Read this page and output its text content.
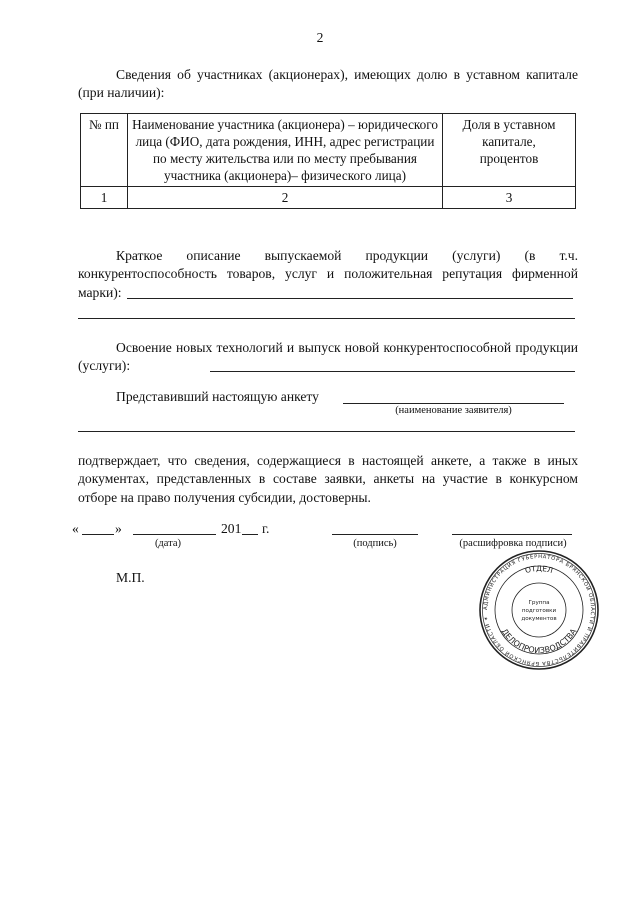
2
Сведения об участниках (акционерах), имеющих долю в уставном капитале (при наличии):
№ пп	Наименование участника (акционера) – юридического лица (ФИО, дата рождения, ИНН, адрес регистрации по месту жительства или по месту пребывания участника (акционера)– физического лица)	Доля в уставном капитале, процентов
1	2	3
Краткое описание выпускаемой продукции (услуги) (в т.ч. конкурентоспособность товаров, услуг и положительная репутация фирменной марки):
Освоение новых технологий и выпуск новой конкурентоспособной продукции (услуги):
Представивший настоящую анкету
(наименование заявителя)
подтверждает, что сведения, содержащиеся в настоящей анкете, а также в иных документах, представленных в составе заявки, анкеты на участие в конкурсном отборе на право получения субсидии, достоверны.
«	»	201 г.
(дата)	(подпись)	(расшифровка подписи)
М.П.
АДМИНИСТРАЦИЯ ГУБЕРНАТОРА БРЯНСКОЙ ОБЛАСТИ И ПРАВИТЕЛЬСТВА БРЯНСКОЙ ОБЛАСТИ ✶
ОТДЕЛ
ДЕЛОПРОИЗВОДСТВА
Группа
подготовки
документов
